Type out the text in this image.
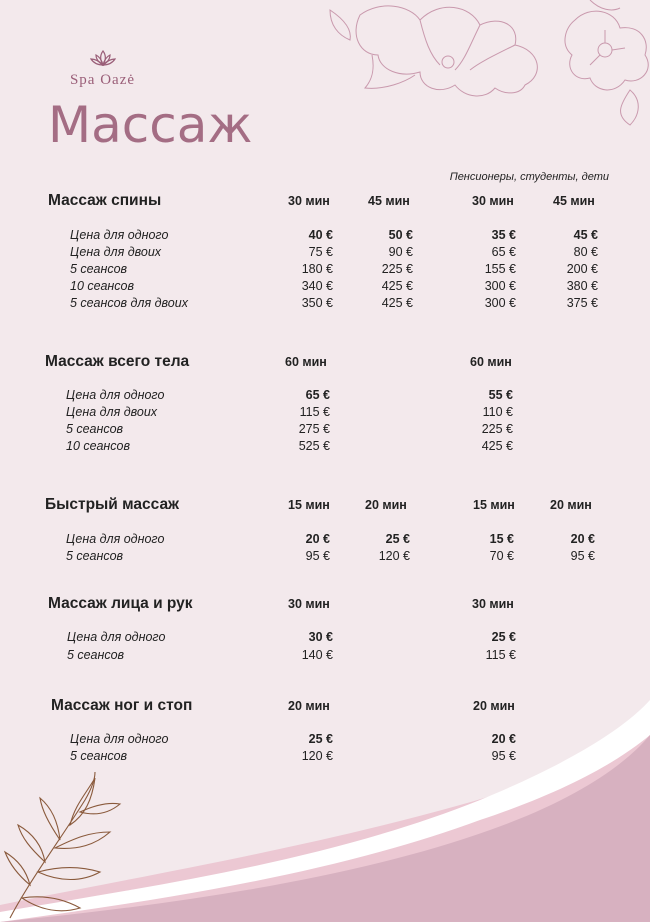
Spa Oazė
Массаж
Пенсионеры, студенты, дети
Массаж спины	30 мин	45 мин	30 мин	45 мин
Цена для одного	40 €	50 €	35 €	45 €
Цена для двоих	75 €	90 €	65 €	80 €
5 сеансов	180 €	225 €	155 €	200 €
10 сеансов	340 €	425 €	300 €	380 €
5 сеансов для двоих	350 €	425 €	300 €	375 €
Массаж всего тела	60 мин	60 мин
Цена для одного	65 €	55 €
Цена для двоих	115 €	110 €
5 сеансов	275 €	225 €
10 сеансов	525 €	425 €
Быстрый массаж	15 мин	20 мин	15 мин	20 мин
Цена для одного	20 €	25 €	15 €	20 €
5 сеансов	95 €	120 €	70 €	95 €
Массаж лица и рук	30 мин	30 мин
Цена для одного	30 €	25 €
5 сеансов	140 €	115 €
Массаж ног и стоп	20 мин	20 мин
Цена для одного	25 €	20 €
5 сеансов	120 €	95 €
